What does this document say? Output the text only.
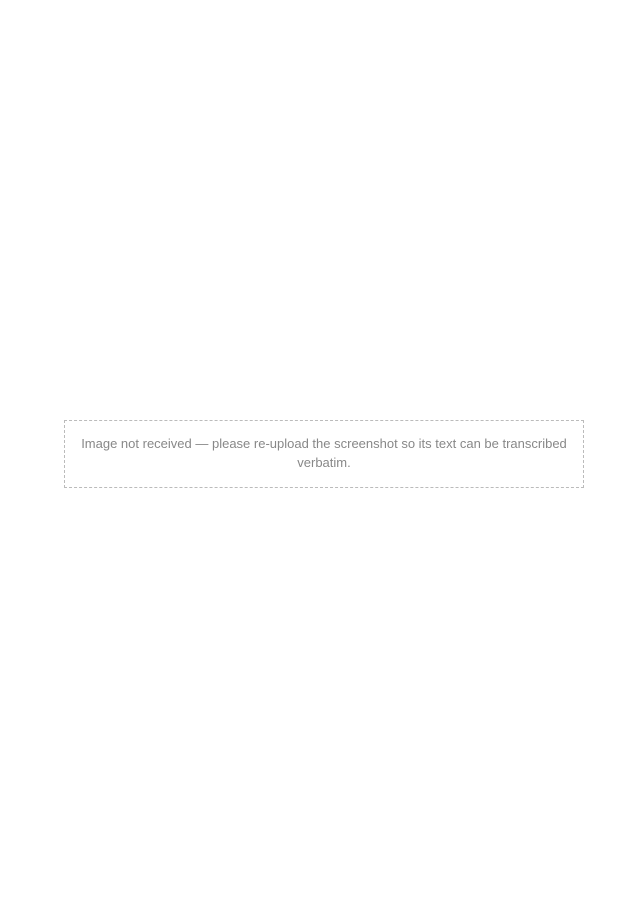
Image not received — please re-upload the screenshot so its text can be transcribed verbatim.
